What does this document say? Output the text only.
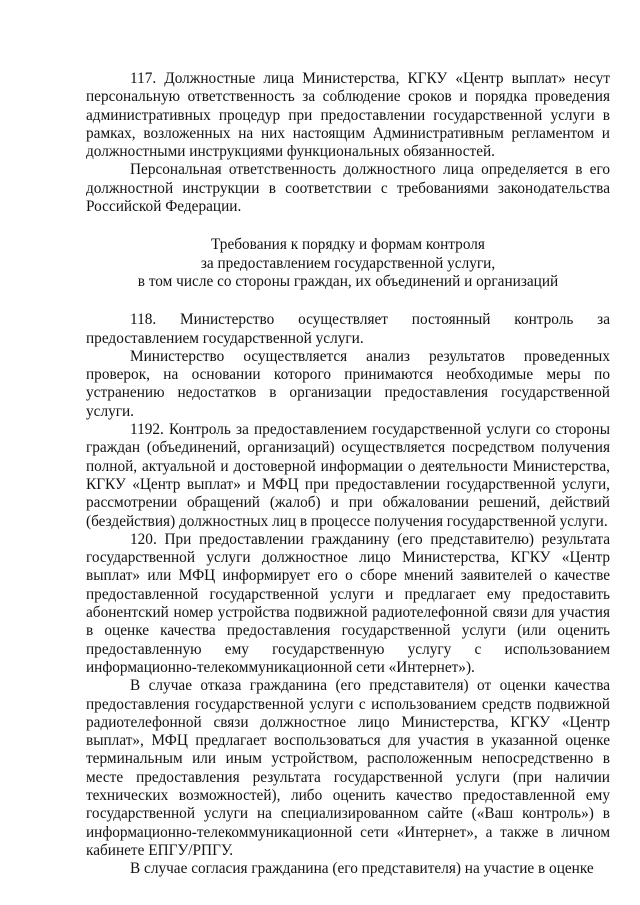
117. Должностные лица Министерства, КГКУ «Центр выплат» несут персональную ответственность за соблюдение сроков и порядка проведения административных процедур при предоставлении государственной услуги в рамках, возложенных на них настоящим Административным регламентом и должностными инструкциями функциональных обязанностей.

Персональная ответственность должностного лица определяется в его должностной инструкции в соответствии с требованиями законодательства Российской Федерации.

Требования к порядку и формам контроля
за предоставлением государственной услуги,
в том числе со стороны граждан, их объединений и организаций

118. Министерство осуществляет постоянный контроль за предоставлением государственной услуги.

Министерство осуществляется анализ результатов проведенных проверок, на основании которого принимаются необходимые меры по устранению недостатков в организации предоставления государственной услуги.

1192. Контроль за предоставлением государственной услуги со стороны граждан (объединений, организаций) осуществляется посредством получения полной, актуальной и достоверной информации о деятельности Министерства, КГКУ «Центр выплат» и МФЦ при предоставлении государственной услуги, рассмотрении обращений (жалоб) и при обжаловании решений, действий (бездействия) должностных лиц в процессе получения государственной услуги.

120. При предоставлении гражданину (его представителю) результата государственной услуги должностное лицо Министерства, КГКУ «Центр выплат» или МФЦ информирует его о сборе мнений заявителей о качестве предоставленной государственной услуги и предлагает ему предоставить абонентский номер устройства подвижной радиотелефонной связи для участия в оценке качества предоставления государственной услуги (или оценить предоставленную ему государственную услугу с использованием информационно-телекоммуникационной сети «Интернет»).

В случае отказа гражданина (его представителя) от оценки качества предоставления государственной услуги с использованием средств подвижной радиотелефонной связи должностное лицо Министерства, КГКУ «Центр выплат», МФЦ предлагает воспользоваться для участия в указанной оценке терминальным или иным устройством, расположенным непосредственно в месте предоставления результата государственной услуги (при наличии технических возможностей), либо оценить качество предоставленной ему государственной услуги на специализированном сайте («Ваш контроль») в информационно-телекоммуникационной сети «Интернет», а также в личном кабинете ЕПГУ/РПГУ.

В случае согласия гражданина (его представителя) на участие в оценке
